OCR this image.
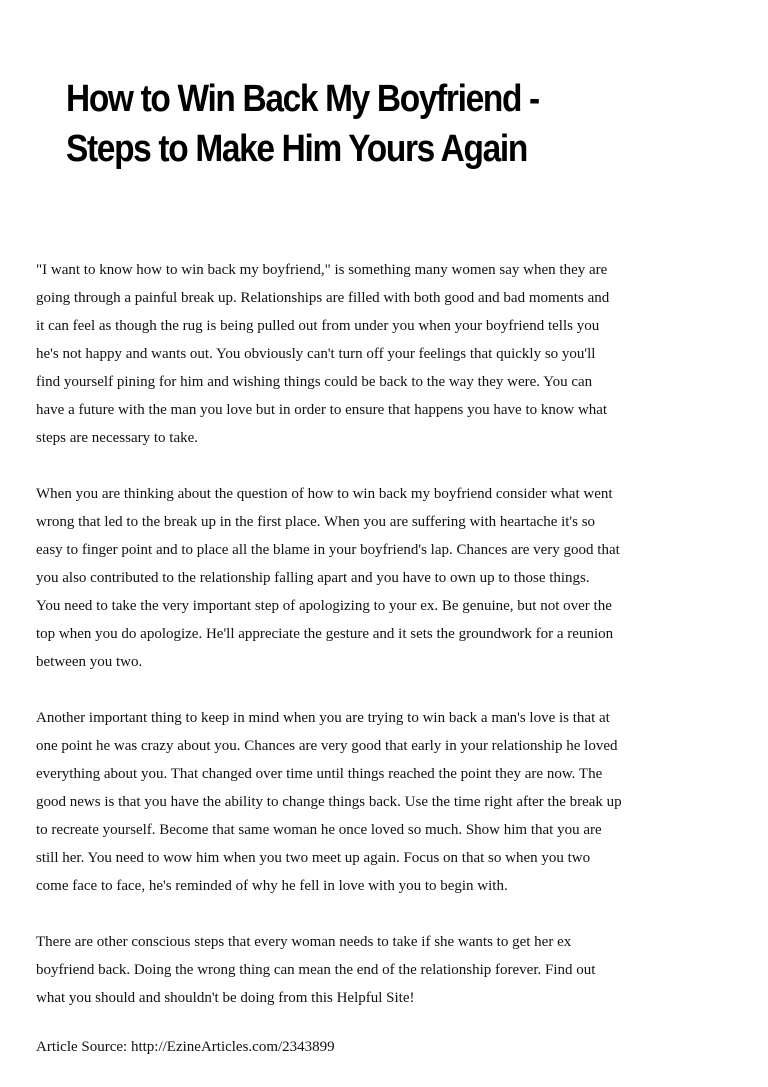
How to Win Back My Boyfriend -
Steps to Make Him Yours Again

"I want to know how to win back my boyfriend," is something many women say when they are
going through a painful break up. Relationships are filled with both good and bad moments and
it can feel as though the rug is being pulled out from under you when your boyfriend tells you
he's not happy and wants out. You obviously can't turn off your feelings that quickly so you'll
find yourself pining for him and wishing things could be back to the way they were. You can
have a future with the man you love but in order to ensure that happens you have to know what
steps are necessary to take.

When you are thinking about the question of how to win back my boyfriend consider what went
wrong that led to the break up in the first place. When you are suffering with heartache it's so
easy to finger point and to place all the blame in your boyfriend's lap. Chances are very good that
you also contributed to the relationship falling apart and you have to own up to those things.
You need to take the very important step of apologizing to your ex. Be genuine, but not over the
top when you do apologize. He'll appreciate the gesture and it sets the groundwork for a reunion
between you two.

Another important thing to keep in mind when you are trying to win back a man's love is that at
one point he was crazy about you. Chances are very good that early in your relationship he loved
everything about you. That changed over time until things reached the point they are now. The
good news is that you have the ability to change things back. Use the time right after the break up
to recreate yourself. Become that same woman he once loved so much. Show him that you are
still her. You need to wow him when you two meet up again. Focus on that so when you two
come face to face, he's reminded of why he fell in love with you to begin with.

There are other conscious steps that every woman needs to take if she wants to get her ex
boyfriend back. Doing the wrong thing can mean the end of the relationship forever. Find out
what you should and shouldn't be doing from this Helpful Site!

Article Source: http://EzineArticles.com/2343899
